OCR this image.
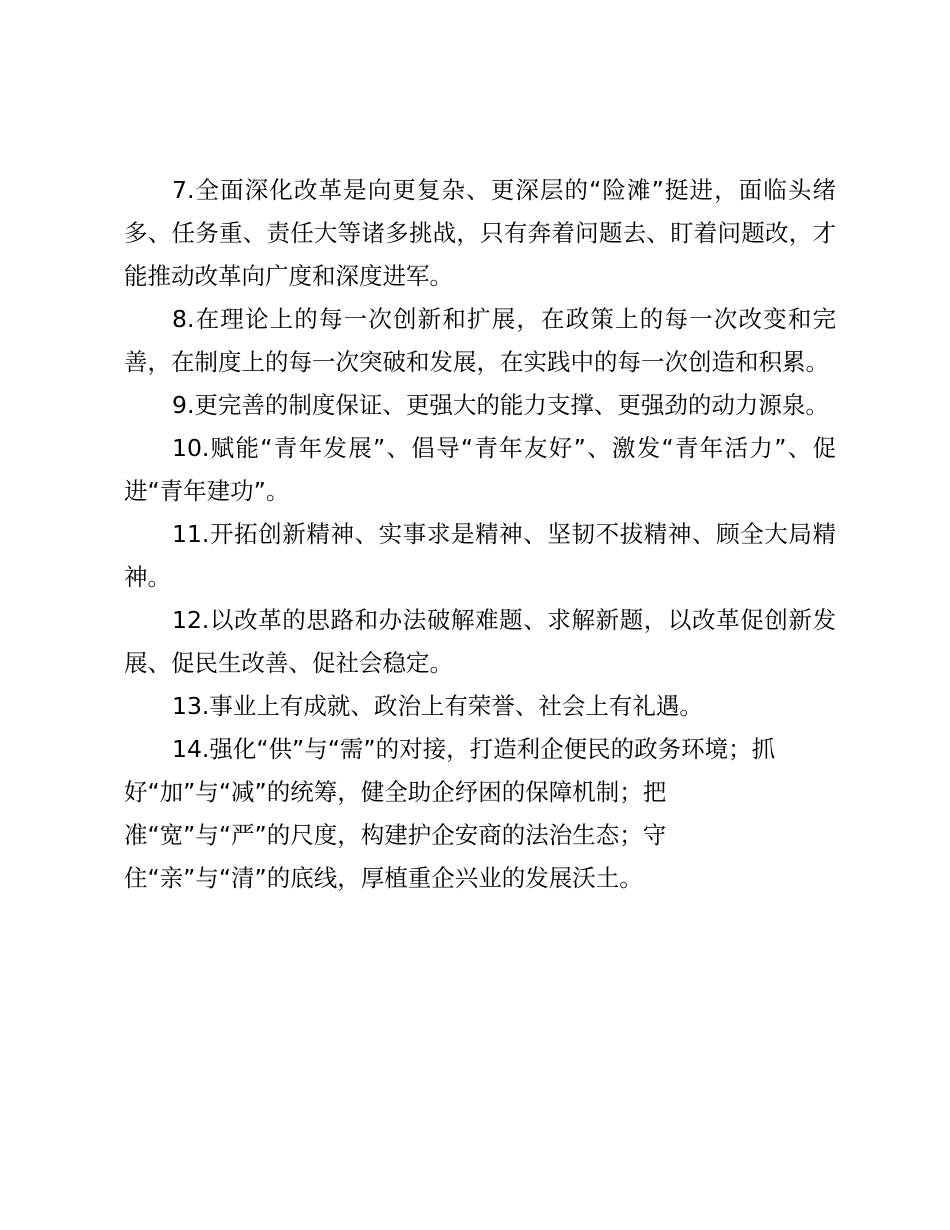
7.全面深化改革是向更复杂、更深层的“险滩”挺进，面临头绪多、任务重、责任大等诸多挑战，只有奔着问题去、盯着问题改，才能推动改革向广度和深度进军。

8.在理论上的每一次创新和扩展，在政策上的每一次改变和完善，在制度上的每一次突破和发展，在实践中的每一次创造和积累。

9.更完善的制度保证、更强大的能力支撑、更强劲的动力源泉。

10.赋能“青年发展”、倡导“青年友好”、激发“青年活力”、促进“青年建功”。

11.开拓创新精神、实事求是精神、坚韧不拔精神、顾全大局精神。

12.以改革的思路和办法破解难题、求解新题，以改革促创新发展、促民生改善、促社会稳定。

13.事业上有成就、政治上有荣誉、社会上有礼遇。

14.强化“供”与“需”的对接，打造利企便民的政务环境；抓
好“加”与“减”的统筹，健全助企纾困的保障机制；把
准“宽”与“严”的尺度，构建护企安商的法治生态；守
住“亲”与“清”的底线，厚植重企兴业的发展沃土。
